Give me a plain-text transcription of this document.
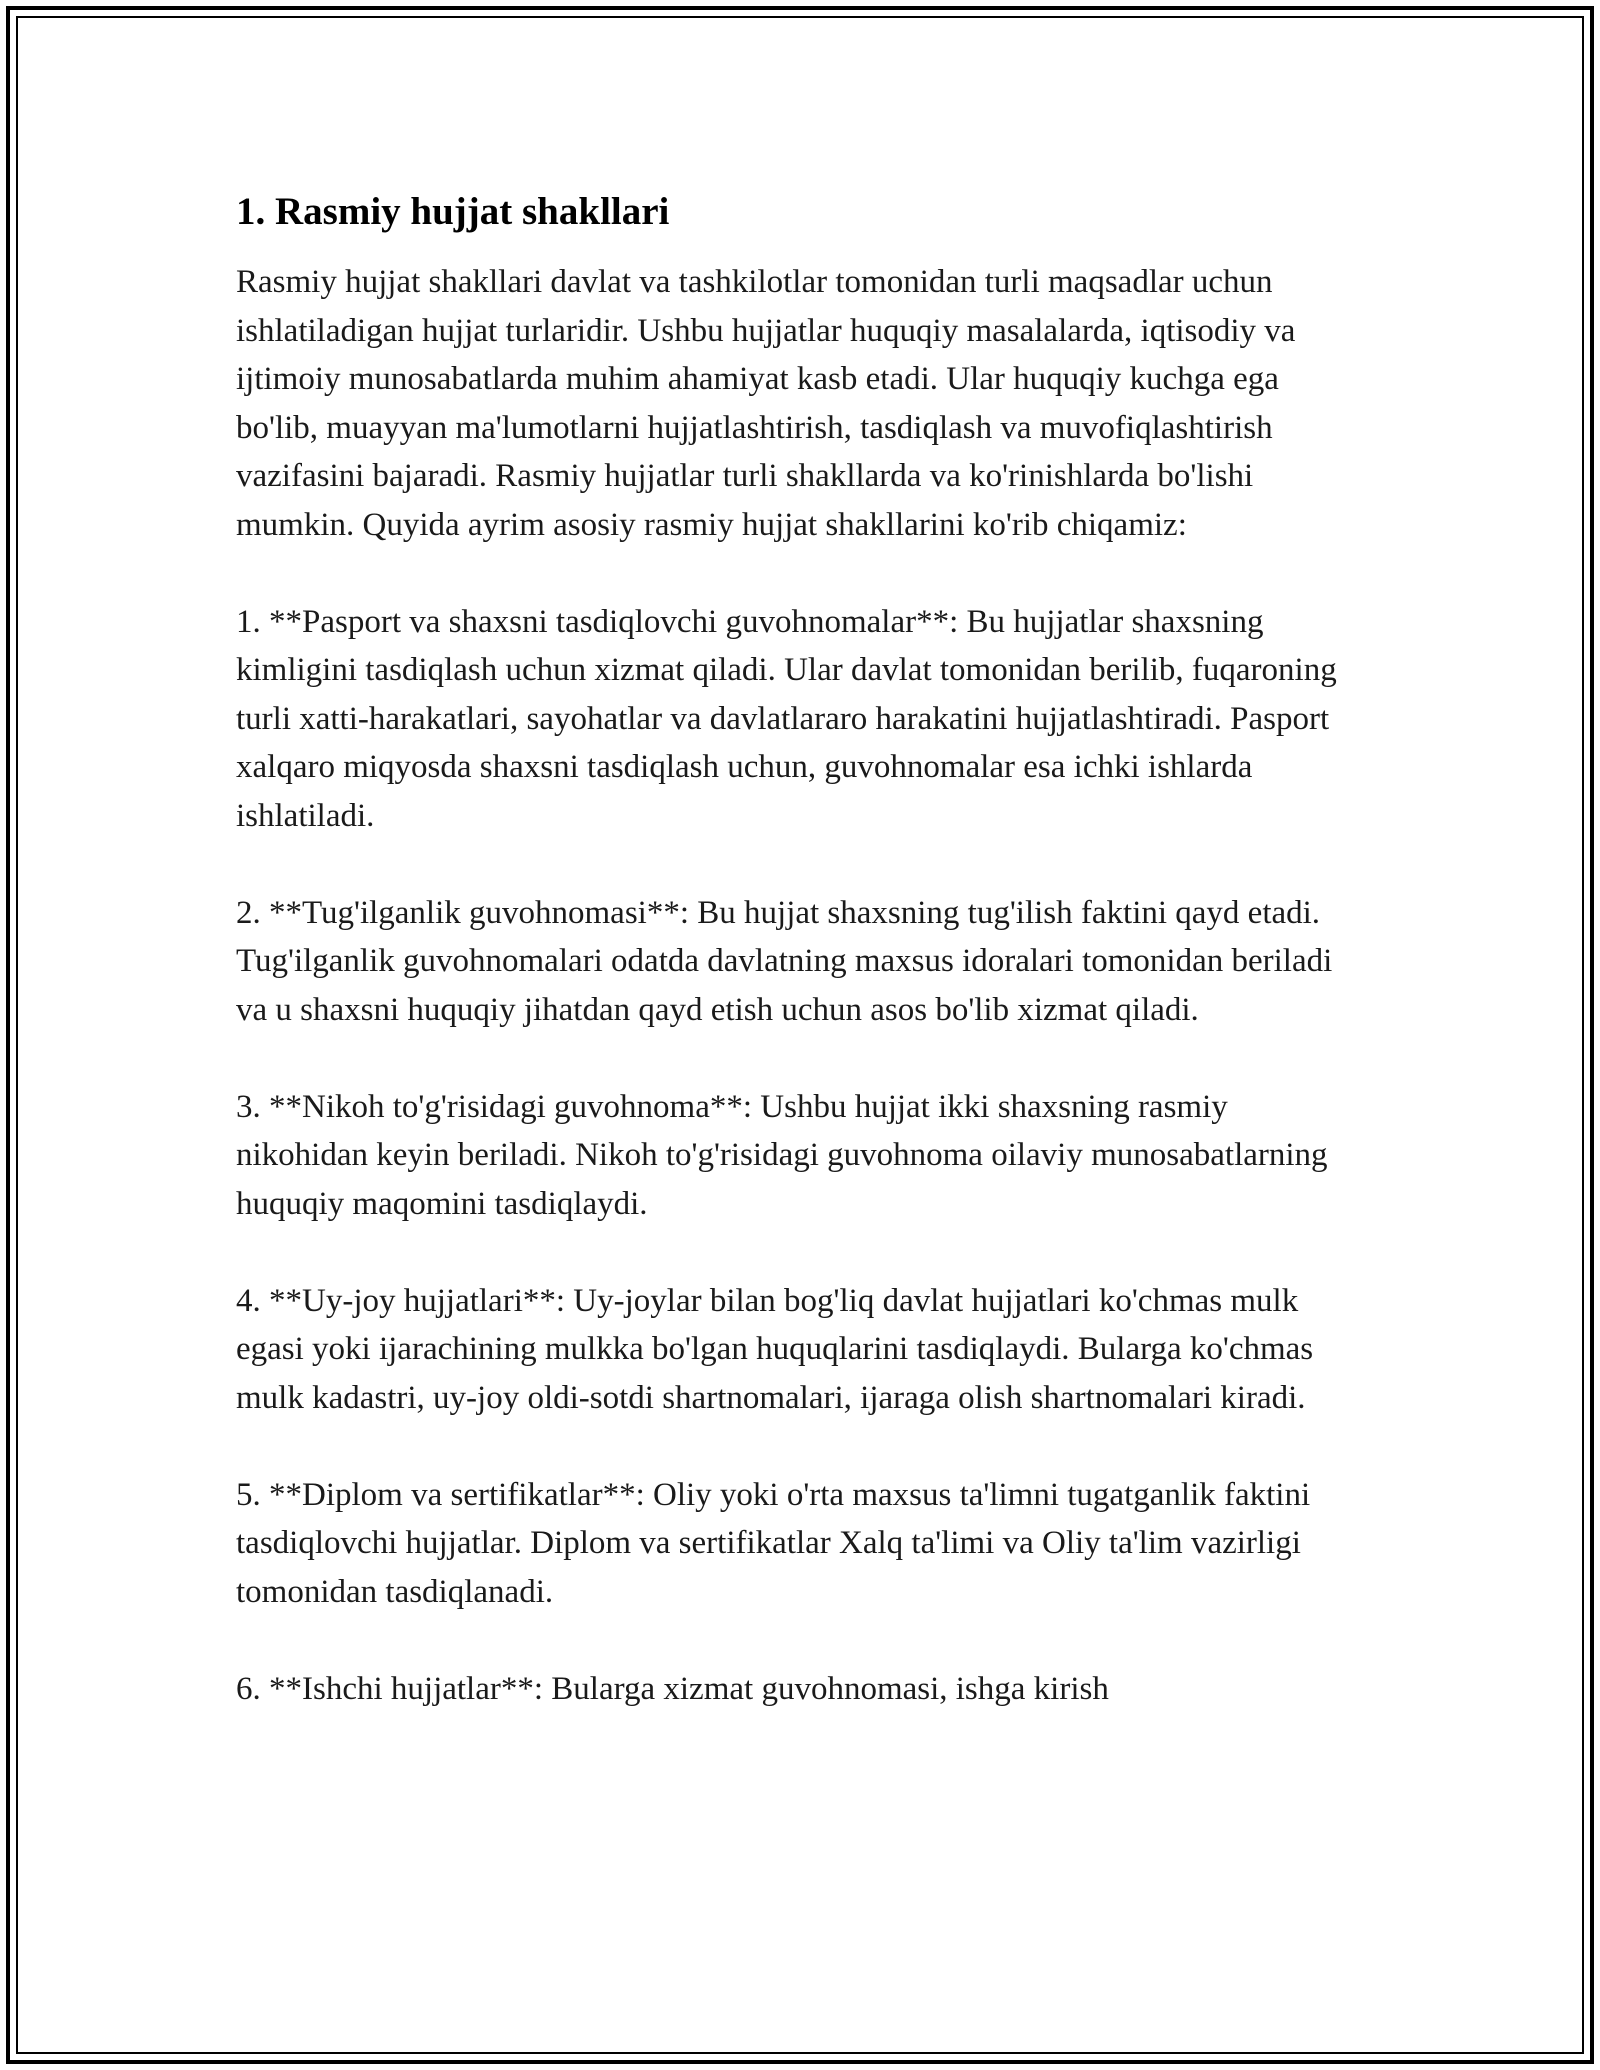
1. Rasmiy hujjat shakllari

Rasmiy hujjat shakllari davlat va tashkilotlar tomonidan turli maqsadlar uchun ishlatiladigan hujjat turlaridir. Ushbu hujjatlar huquqiy masalalarda, iqtisodiy va ijtimoiy munosabatlarda muhim ahamiyat kasb etadi. Ular huquqiy kuchga ega bo'lib, muayyan ma'lumotlarni hujjatlashtirish, tasdiqlash va muvofiqlashtirish vazifasini bajaradi. Rasmiy hujjatlar turli shakllarda va ko'rinishlarda bo'lishi mumkin. Quyida ayrim asosiy rasmiy hujjat shakllarini ko'rib chiqamiz:

1. **Pasport va shaxsni tasdiqlovchi guvohnomalar**: Bu hujjatlar shaxsning kimligini tasdiqlash uchun xizmat qiladi. Ular davlat tomonidan berilib, fuqaroning turli xatti-harakatlari, sayohatlar va davlatlararo harakatini hujjatlashtiradi. Pasport xalqaro miqyosda shaxsni tasdiqlash uchun, guvohnomalar esa ichki ishlarda ishlatiladi.

2. **Tug'ilganlik guvohnomasi**: Bu hujjat shaxsning tug'ilish faktini qayd etadi. Tug'ilganlik guvohnomalari odatda davlatning maxsus idoralari tomonidan beriladi va u shaxsni huquqiy jihatdan qayd etish uchun asos bo'lib xizmat qiladi.

3. **Nikoh to'g'risidagi guvohnoma**: Ushbu hujjat ikki shaxsning rasmiy nikohidan keyin beriladi. Nikoh to'g'risidagi guvohnoma oilaviy munosabatlarning huquqiy maqomini tasdiqlaydi.

4. **Uy-joy hujjatlari**: Uy-joylar bilan bog'liq davlat hujjatlari ko'chmas mulk egasi yoki ijarachining mulkka bo'lgan huquqlarini tasdiqlaydi. Bularga ko'chmas mulk kadastri, uy-joy oldi-sotdi shartnomalari, ijaraga olish shartnomalari kiradi.

5. **Diplom va sertifikatlar**: Oliy yoki o'rta maxsus ta'limni tugatganlik faktini tasdiqlovchi hujjatlar. Diplom va sertifikatlar Xalq ta'limi va Oliy ta'lim vazirligi tomonidan tasdiqlanadi.

6. **Ishchi hujjatlar**: Bularga xizmat guvohnomasi, ishga kirish
